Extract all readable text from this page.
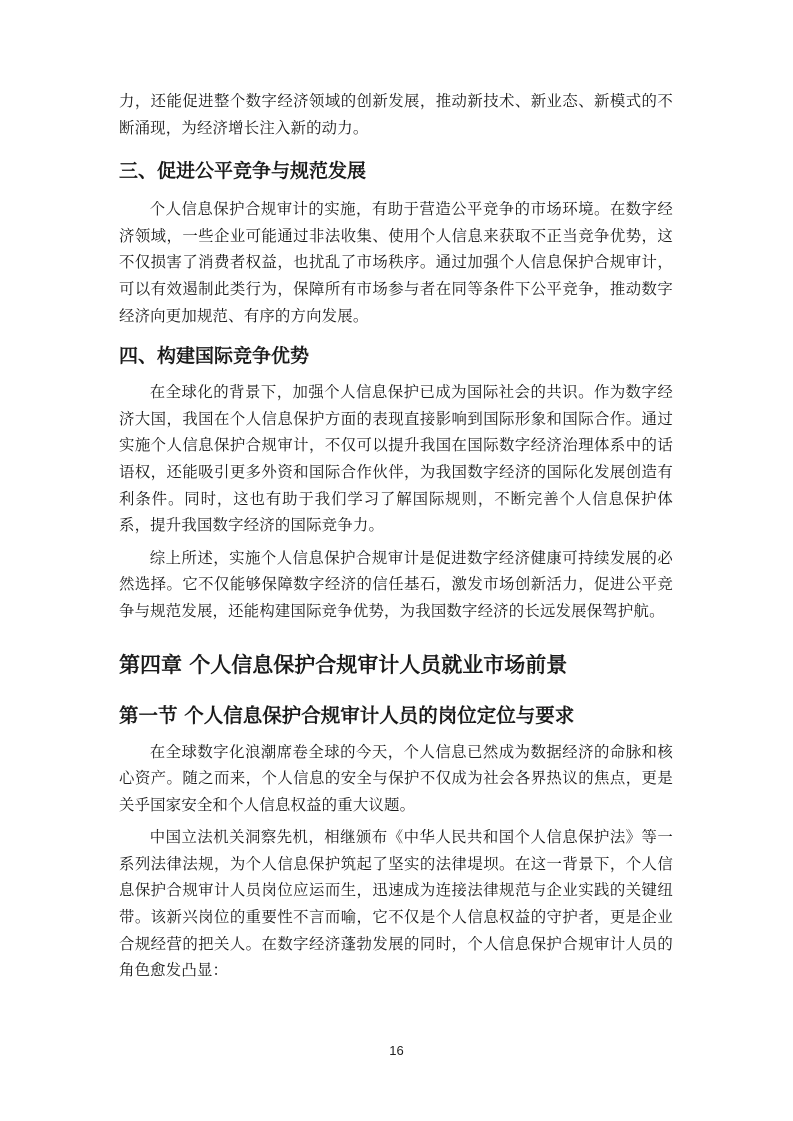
力，还能促进整个数字经济领域的创新发展，推动新技术、新业态、新模式的不断涌现，为经济增长注入新的动力。

三、促进公平竞争与规范发展

个人信息保护合规审计的实施，有助于营造公平竞争的市场环境。在数字经济领域，一些企业可能通过非法收集、使用个人信息来获取不正当竞争优势，这不仅损害了消费者权益，也扰乱了市场秩序。通过加强个人信息保护合规审计，可以有效遏制此类行为，保障所有市场参与者在同等条件下公平竞争，推动数字经济向更加规范、有序的方向发展。

四、构建国际竞争优势

在全球化的背景下，加强个人信息保护已成为国际社会的共识。作为数字经济大国，我国在个人信息保护方面的表现直接影响到国际形象和国际合作。通过实施个人信息保护合规审计，不仅可以提升我国在国际数字经济治理体系中的话语权，还能吸引更多外资和国际合作伙伴，为我国数字经济的国际化发展创造有利条件。同时，这也有助于我们学习了解国际规则，不断完善个人信息保护体系，提升我国数字经济的国际竞争力。

综上所述，实施个人信息保护合规审计是促进数字经济健康可持续发展的必然选择。它不仅能够保障数字经济的信任基石，激发市场创新活力，促进公平竞争与规范发展，还能构建国际竞争优势，为我国数字经济的长远发展保驾护航。

第四章 个人信息保护合规审计人员就业市场前景
第一节 个人信息保护合规审计人员的岗位定位与要求

在全球数字化浪潮席卷全球的今天，个人信息已然成为数据经济的命脉和核心资产。随之而来，个人信息的安全与保护不仅成为社会各界热议的焦点，更是关乎国家安全和个人信息权益的重大议题。

中国立法机关洞察先机，相继颁布《中华人民共和国个人信息保护法》等一系列法律法规，为个人信息保护筑起了坚实的法律堤坝。在这一背景下，个人信息保护合规审计人员岗位应运而生，迅速成为连接法律规范与企业实践的关键纽带。该新兴岗位的重要性不言而喻，它不仅是个人信息权益的守护者，更是企业合规经营的把关人。在数字经济蓬勃发展的同时，个人信息保护合规审计人员的角色愈发凸显：

16
